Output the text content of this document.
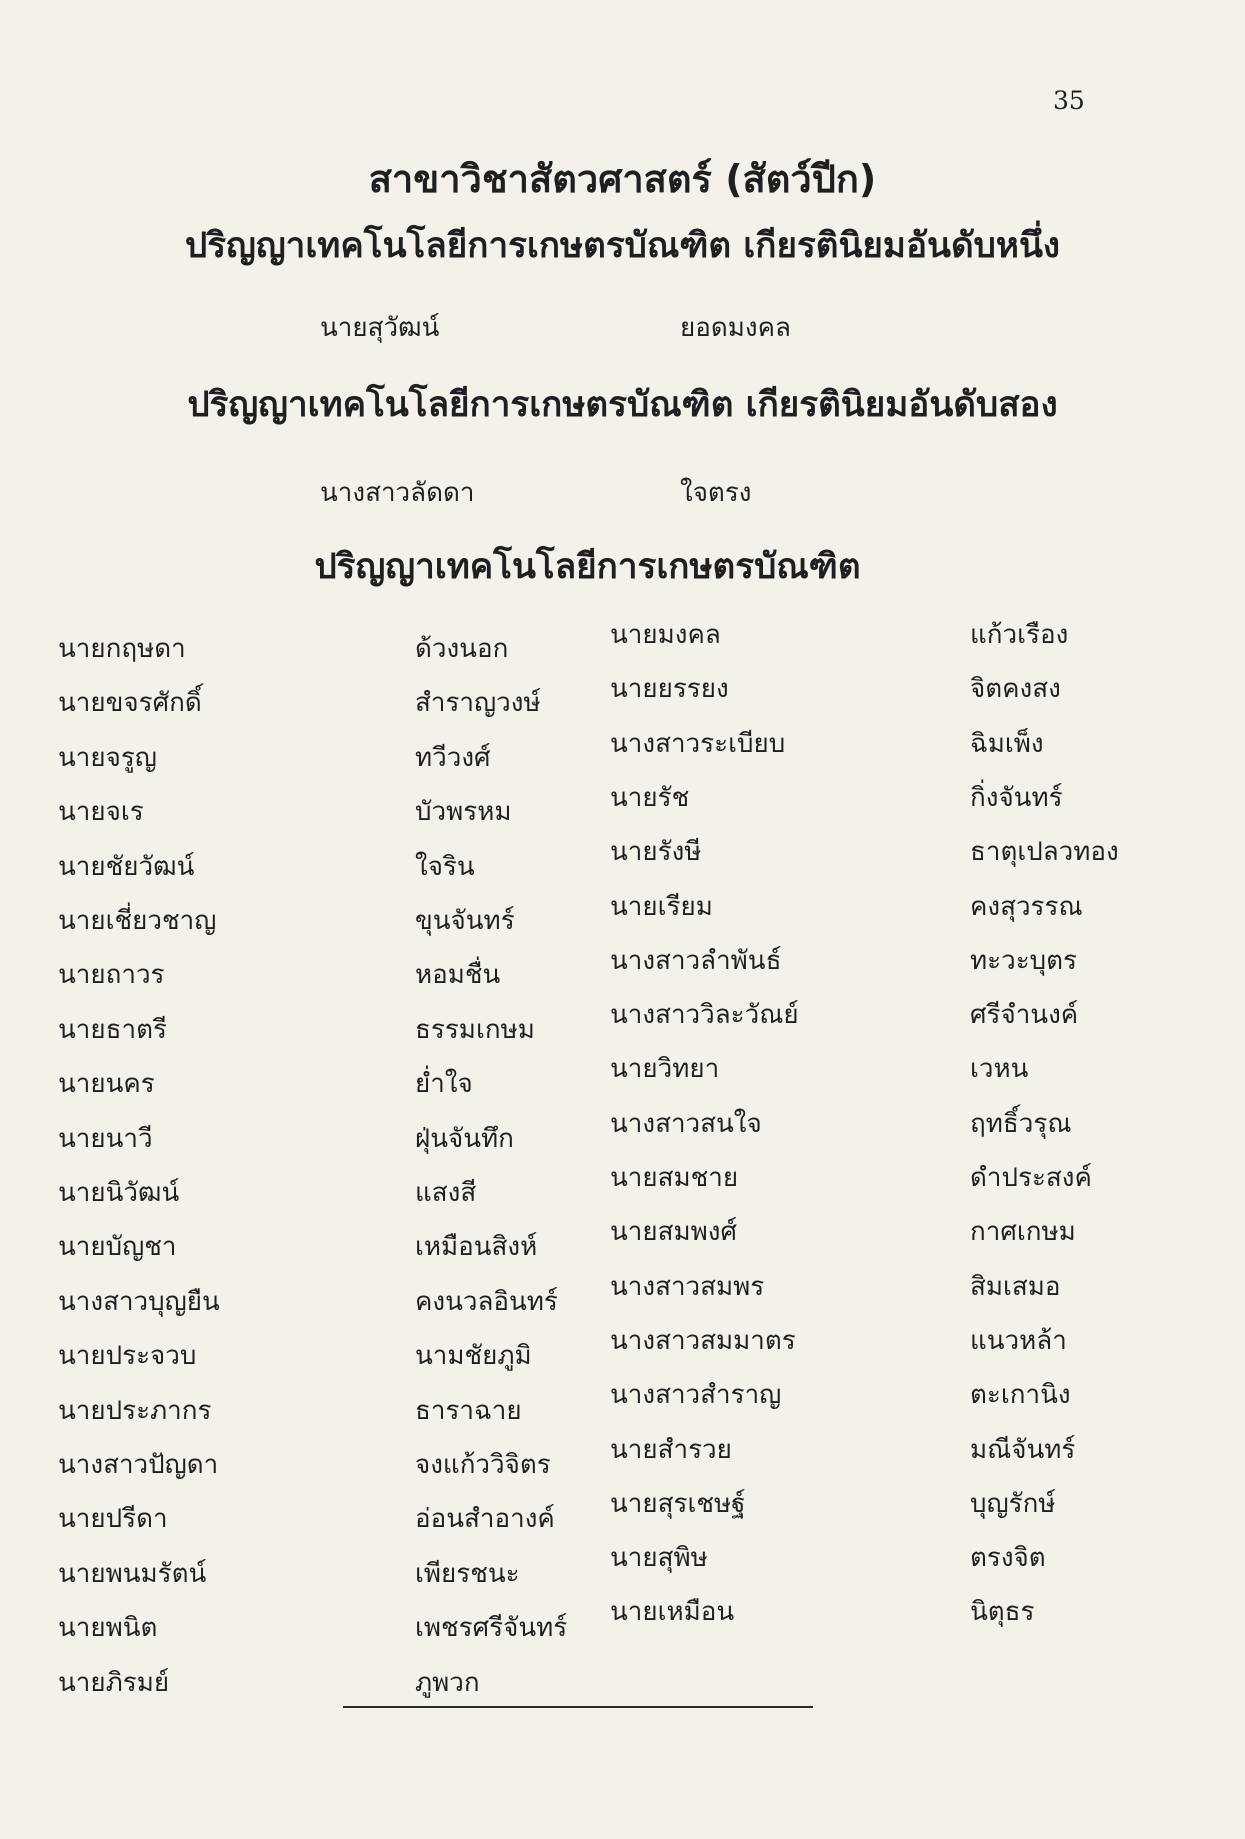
35
สาขาวิชาสัตวศาสตร์ (สัตว์ปีก)
ปริญญาเทคโนโลยีการเกษตรบัณฑิต เกียรตินิยมอันดับหนึ่ง
นายสุวัฒน์	ยอดมงคล
ปริญญาเทคโนโลยีการเกษตรบัณฑิต เกียรตินิยมอันดับสอง
นางสาวลัดดา	ใจตรง
ปริญญาเทคโนโลยีการเกษตรบัณฑิต
นายกฤษดา
นายขจรศักดิ์
นายจรูญ
นายจเร
นายชัยวัฒน์
นายเชี่ยวชาญ
นายถาวร
นายธาตรี
นายนคร
นายนาวี
นายนิวัฒน์
นายบัญชา
นางสาวบุญยืน
นายประจวบ
นายประภากร
นางสาวปัญดา
นายปรีดา
นายพนมรัตน์
นายพนิต
นายภิรมย์
ด้วงนอก
สำราญวงษ์
ทวีวงศ์
บัวพรหม
ใจริน
ขุนจันทร์
หอมชื่น
ธรรมเกษม
ย่ำใจ
ฝุ่นจันทึก
แสงสี
เหมือนสิงห์
คงนวลอินทร์
นามชัยภูมิ
ธาราฉาย
จงแก้ววิจิตร
อ่อนสำอางค์
เพียรชนะ
เพชรศรีจันทร์
ภูพวก
นายมงคล
นายยรรยง
นางสาวระเบียบ
นายรัช
นายรังษี
นายเรียม
นางสาวลำพันธ์
นางสาววิละวัณย์
นายวิทยา
นางสาวสนใจ
นายสมชาย
นายสมพงศ์
นางสาวสมพร
นางสาวสมมาตร
นางสาวสำราญ
นายสำรวย
นายสุรเชษฐ์
นายสุพิษ
นายเหมือน
แก้วเรือง
จิตคงสง
ฉิมเพ็ง
กิ่งจันทร์
ธาตุเปลวทอง
คงสุวรรณ
ทะวะบุตร
ศรีจำนงค์
เวหน
ฤทธิ์วรุณ
ดำประสงค์
กาศเกษม
สิมเสมอ
แนวหล้า
ตะเกานิง
มณีจันทร์
บุญรักษ์
ตรงจิต
นิตุธร
